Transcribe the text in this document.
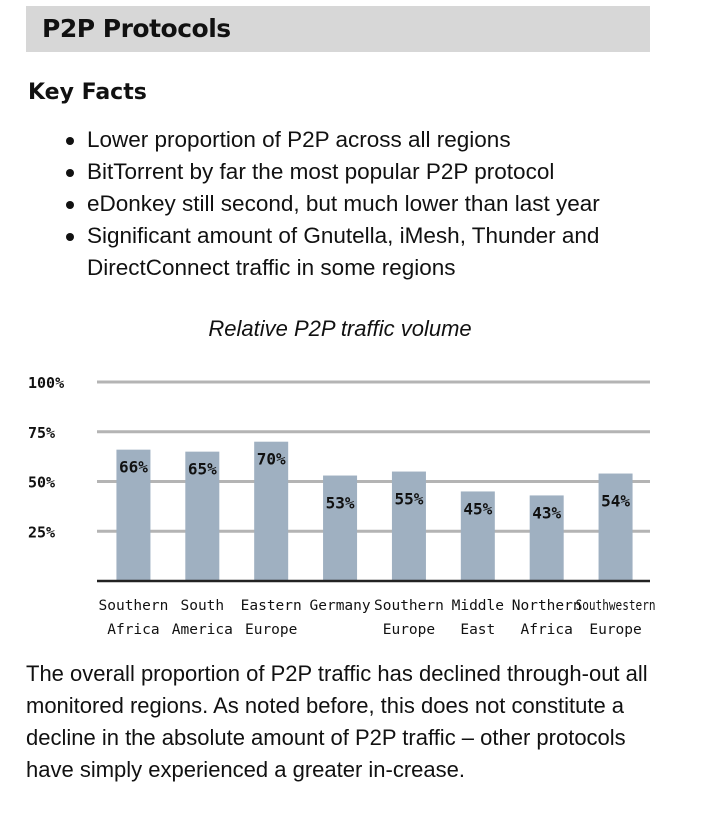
P2P Protocols
Key Facts
Lower proportion of P2P across all regions
BitTorrent by far the most popular P2P protocol
eDonkey still second, but much lower than last year
Significant amount of Gnutella, iMesh, Thunder and DirectConnect traffic in some regions
Relative P2P traffic volume
25%
50%
75%
100%
66%
Southern
Africa
65%
South
America
70%
Eastern
Europe
53%
Germany
55%
Southern
Europe
45%
Middle
East
43%
Northern
Africa
54%
Southwestern
Europe

The overall proportion of P2P traffic has declined through-out all monitored regions. As noted before, this does not constitute a decline in the absolute amount of P2P traffic – other protocols have simply experienced a greater in-crease.
